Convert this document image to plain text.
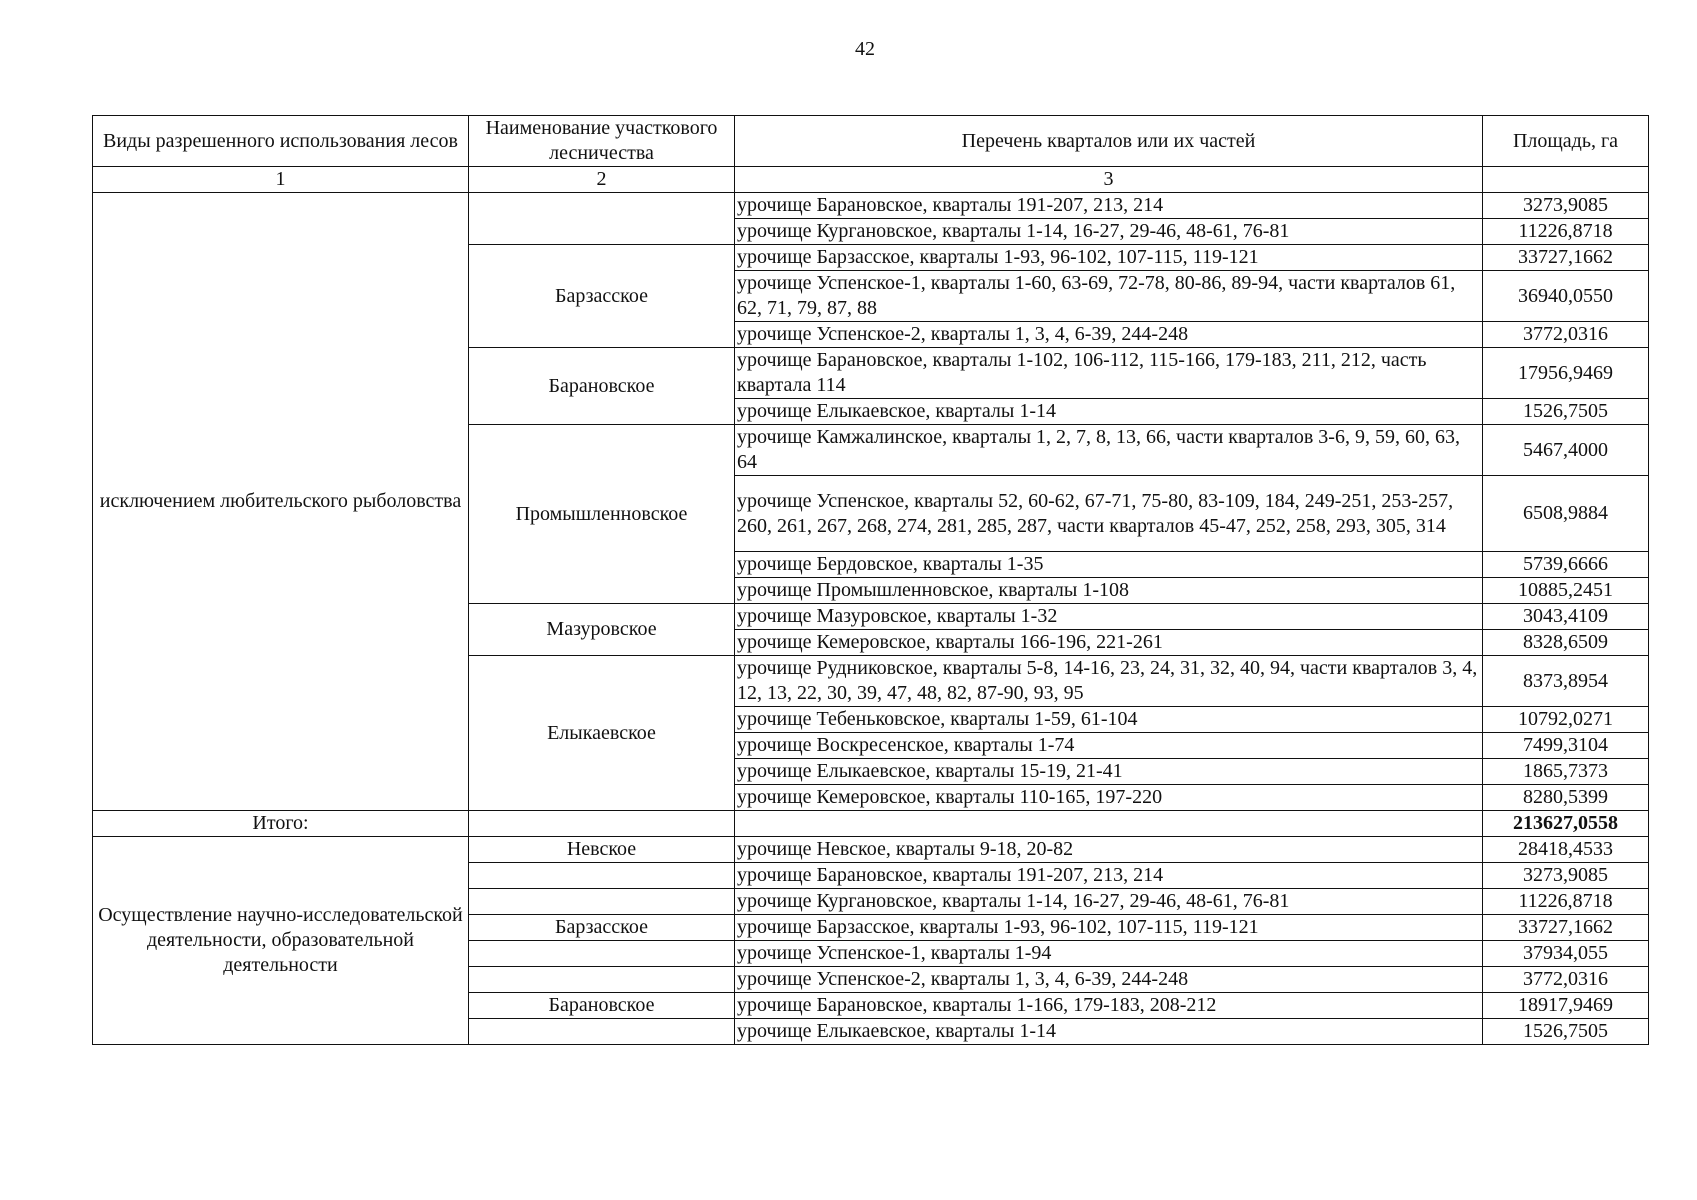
42
Виды разрешенного использования лесов	Наименование участкового лесничества	Перечень кварталов или их частей	Площадь, га
1	2	3	
исключением любительского рыболовства		урочище Барановское, кварталы 191-207, 213, 214	3273,9085
		урочище Кургановское, кварталы 1-14, 16-27, 29-46, 48-61, 76-81	11226,8718
	Барзасское	урочище Барзасское, кварталы 1-93, 96-102, 107-115, 119-121	33727,1662
		урочище Успенское-1, кварталы 1-60, 63-69, 72-78, 80-86, 89-94, части кварталов 61, 62, 71, 79, 87, 88	36940,0550
		урочище Успенское-2, кварталы 1, 3, 4, 6-39, 244-248	3772,0316
	Барановское	урочище Барановское, кварталы 1-102, 106-112, 115-166, 179-183, 211, 212, часть квартала 114	17956,9469
		урочище Елыкаевское, кварталы 1-14	1526,7505
	Промышленновское	урочище Камжалинское, кварталы 1, 2, 7, 8, 13, 66, части кварталов 3-6, 9, 59, 60, 63, 64	5467,4000
		урочище Успенское, кварталы 52, 60-62, 67-71, 75-80, 83-109, 184, 249-251, 253-257, 260, 261, 267, 268, 274, 281, 285, 287, части кварталов 45-47, 252, 258, 293, 305, 314	6508,9884
		урочище Бердовское, кварталы 1-35	5739,6666
		урочище Промышленновское, кварталы 1-108	10885,2451
	Мазуровское	урочище Мазуровское, кварталы 1-32	3043,4109
		урочище Кемеровское, кварталы 166-196, 221-261	8328,6509
	Елыкаевское	урочище Рудниковское, кварталы 5-8, 14-16, 23, 24, 31, 32, 40, 94, части кварталов 3, 4, 12, 13, 22, 30, 39, 47, 48, 82, 87-90, 93, 95	8373,8954
		урочище Тебеньковское, кварталы 1-59, 61-104	10792,0271
		урочище Воскресенское, кварталы 1-74	7499,3104
		урочище Елыкаевское, кварталы 15-19, 21-41	1865,7373
		урочище Кемеровское, кварталы 110-165, 197-220	8280,5399
Итого:			213627,0558
Осуществление научно-исследовательской деятельности, образовательной деятельности	Невское	урочище Невское, кварталы 9-18, 20-82	28418,4533
		урочище Барановское, кварталы 191-207, 213, 214	3273,9085
		урочище Кургановское, кварталы 1-14, 16-27, 29-46, 48-61, 76-81	11226,8718
	Барзасское	урочище Барзасское, кварталы 1-93, 96-102, 107-115, 119-121	33727,1662
		урочище Успенское-1, кварталы 1-94	37934,055
		урочище Успенское-2, кварталы 1, 3, 4, 6-39, 244-248	3772,0316
	Барановское	урочище Барановское, кварталы 1-166, 179-183, 208-212	18917,9469
		урочище Елыкаевское, кварталы 1-14	1526,7505
